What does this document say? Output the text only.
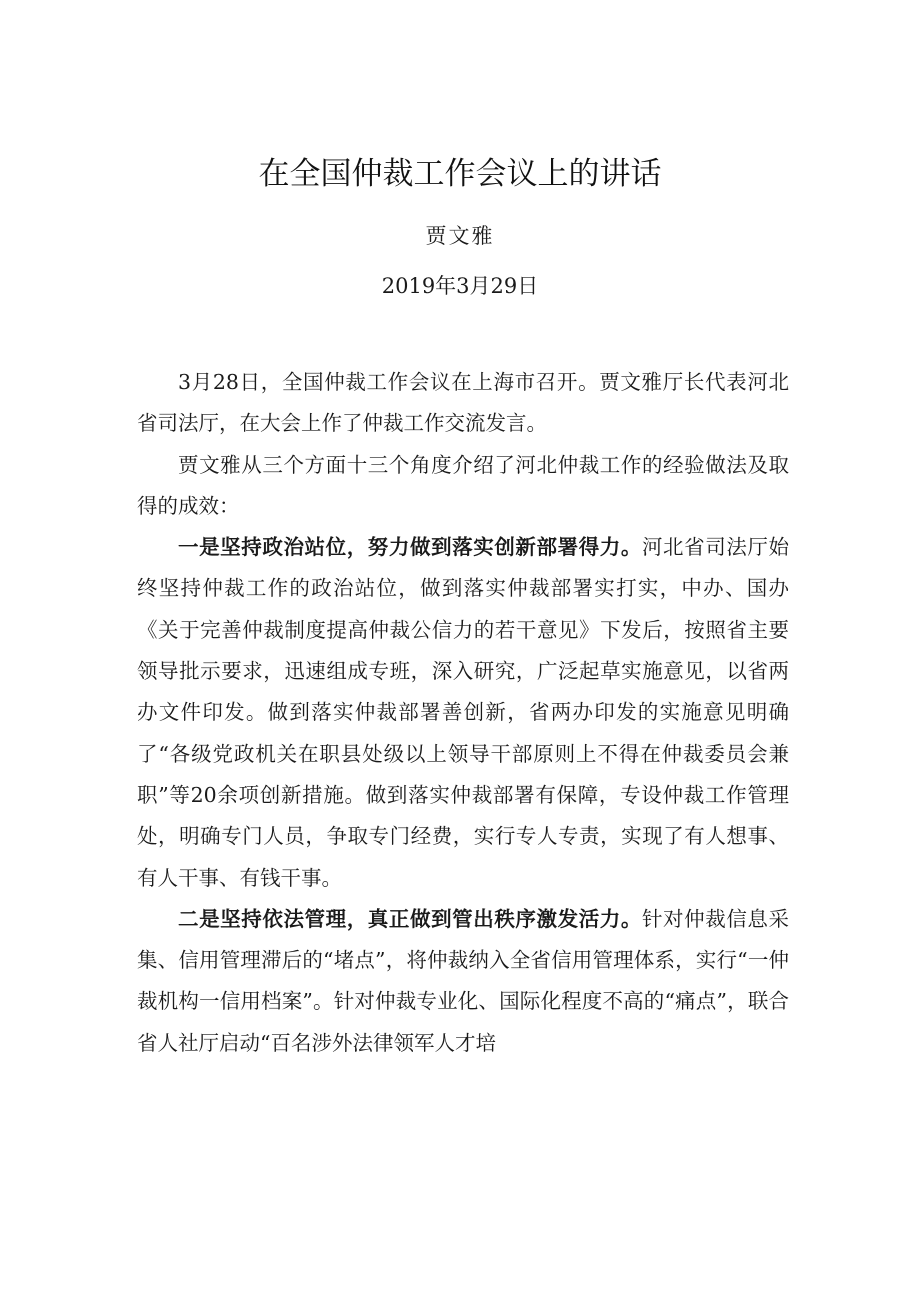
在全国仲裁工作会议上的讲话
贾文雅
2019年3月29日

3月28日，全国仲裁工作会议在上海市召开。贾文雅厅长代表河北省司法厅，在大会上作了仲裁工作交流发言。

贾文雅从三个方面十三个角度介绍了河北仲裁工作的经验做法及取得的成效：

一是坚持政治站位，努力做到落实创新部署得力。河北省司法厅始终坚持仲裁工作的政治站位，做到落实仲裁部署实打实，中办、国办《关于完善仲裁制度提高仲裁公信力的若干意见》下发后，按照省主要领导批示要求，迅速组成专班，深入研究，广泛起草实施意见，以省两办文件印发。做到落实仲裁部署善创新，省两办印发的实施意见明确了“各级党政机关在职县处级以上领导干部原则上不得在仲裁委员会兼职”等20余项创新措施。做到落实仲裁部署有保障，专设仲裁工作管理处，明确专门人员，争取专门经费，实行专人专责，实现了有人想事、有人干事、有钱干事。

二是坚持依法管理，真正做到管出秩序激发活力。针对仲裁信息采集、信用管理滞后的“堵点”，将仲裁纳入全省信用管理体系，实行“一仲裁机构一信用档案”。针对仲裁专业化、国际化程度不高的“痛点”，联合省人社厅启动“百名涉外法律领军人才培
